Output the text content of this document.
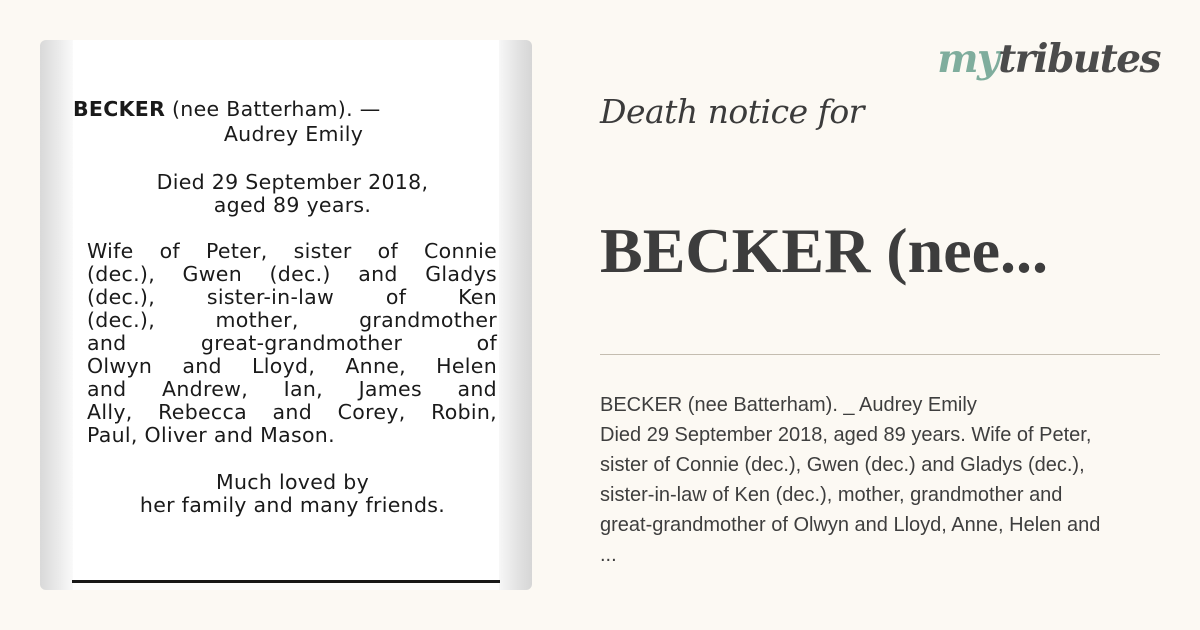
BECKER (nee Batterham). —
Audrey Emily
Died 29 September 2018,
aged 89 years.
Wife of Peter, sister of Connie
(dec.), Gwen (dec.) and Gladys
(dec.), sister-in-law of Ken
(dec.), mother, grandmother
and great-grandmother of
Olwyn and Lloyd, Anne, Helen
and Andrew, Ian, James and
Ally, Rebecca and Corey, Robin,
Paul, Oliver and Mason.
Much loved by
her family and many friends.
mytributes
Death notice for
BECKER (nee...
BECKER (nee Batterham). _ Audrey Emily
Died 29 September 2018, aged 89 years. Wife of Peter,
sister of Connie (dec.), Gwen (dec.) and Gladys (dec.),
sister-in-law of Ken (dec.), mother, grandmother and
great-grandmother of Olwyn and Lloyd, Anne, Helen and
...
